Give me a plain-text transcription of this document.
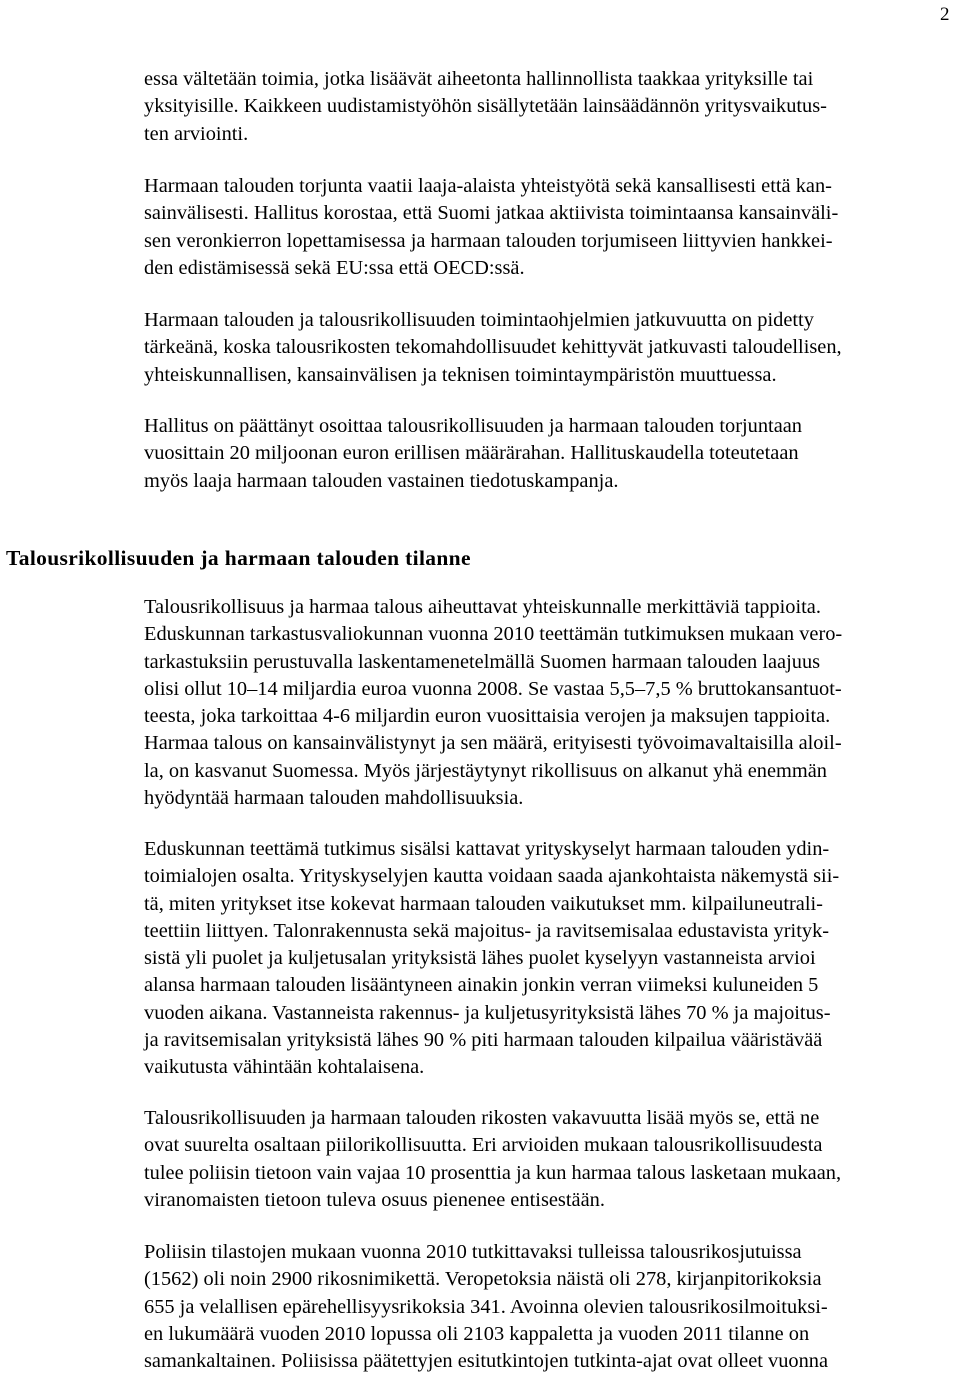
2
essa vältetään toimia, jotka lisäävät aiheetonta hallinnollista taakkaa yrityksille tai
yksityisille. Kaikkeen uudistamistyöhön sisällytetään lainsäädännön yritysvaikutus-
ten arviointi.
Harmaan talouden torjunta vaatii laaja-alaista yhteistyötä sekä kansallisesti että kan-
sainvälisesti. Hallitus korostaa, että Suomi jatkaa aktiivista toimintaansa kansainväli-
sen veronkierron lopettamisessa ja harmaan talouden torjumiseen liittyvien hankkei-
den edistämisessä sekä EU:ssa että OECD:ssä.
Harmaan talouden ja talousrikollisuuden toimintaohjelmien jatkuvuutta on pidetty
tärkeänä, koska talousrikosten tekomahdollisuudet kehittyvät jatkuvasti taloudellisen,
yhteiskunnallisen, kansainvälisen ja teknisen toimintaympäristön muuttuessa.
Hallitus on päättänyt osoittaa talousrikollisuuden ja harmaan talouden torjuntaan
vuosittain 20 miljoonan euron erillisen määrärahan. Hallituskaudella toteutetaan
myös laaja harmaan talouden vastainen tiedotuskampanja.
Talousrikollisuuden ja harmaan talouden tilanne
Talousrikollisuus ja harmaa talous aiheuttavat yhteiskunnalle merkittäviä tappioita.
Eduskunnan tarkastusvaliokunnan vuonna 2010 teettämän tutkimuksen mukaan vero-
tarkastuksiin perustuvalla laskentamenetelmällä Suomen harmaan talouden laajuus
olisi ollut 10–14 miljardia euroa vuonna 2008. Se vastaa 5,5–7,5 % bruttokansantuot-
teesta, joka tarkoittaa 4-6 miljardin euron vuosittaisia verojen ja maksujen tappioita.
Harmaa talous on kansainvälistynyt ja sen määrä, erityisesti työvoimavaltaisilla aloil-
la, on kasvanut Suomessa. Myös järjestäytynyt rikollisuus on alkanut yhä enemmän
hyödyntää harmaan talouden mahdollisuuksia.
Eduskunnan teettämä tutkimus sisälsi kattavat yrityskyselyt harmaan talouden ydin-
toimialojen osalta. Yrityskyselyjen kautta voidaan saada ajankohtaista näkemystä sii-
tä, miten yritykset itse kokevat harmaan talouden vaikutukset mm. kilpailuneutrali-
teettiin liittyen. Talonrakennusta sekä majoitus- ja ravitsemisalaa edustavista yrityk-
sistä yli puolet ja kuljetusalan yrityksistä lähes puolet kyselyyn vastanneista arvioi
alansa harmaan talouden lisääntyneen ainakin jonkin verran viimeksi kuluneiden 5
vuoden aikana. Vastanneista rakennus- ja kuljetusyrityksistä lähes 70 % ja majoitus-
ja ravitsemisalan yrityksistä lähes 90 % piti harmaan talouden kilpailua vääristävää
vaikutusta vähintään kohtalaisena.
Talousrikollisuuden ja harmaan talouden rikosten vakavuutta lisää myös se, että ne
ovat suurelta osaltaan piilorikollisuutta. Eri arvioiden mukaan talousrikollisuudesta
tulee poliisin tietoon vain vajaa 10 prosenttia ja kun harmaa talous lasketaan mukaan,
viranomaisten tietoon tuleva osuus pienenee entisestään.
Poliisin tilastojen mukaan vuonna 2010 tutkittavaksi tulleissa talousrikosjutuissa
(1562) oli noin 2900 rikosnimikettä. Veropetoksia näistä oli 278, kirjanpitorikoksia
655 ja velallisen epärehellisyysrikoksia 341. Avoinna olevien talousrikosilmoituksi-
en lukumäärä vuoden 2010 lopussa oli 2103 kappaletta ja vuoden 2011 tilanne on
samankaltainen. Poliisissa päätettyjen esitutkintojen tutkinta-ajat ovat olleet vuonna
